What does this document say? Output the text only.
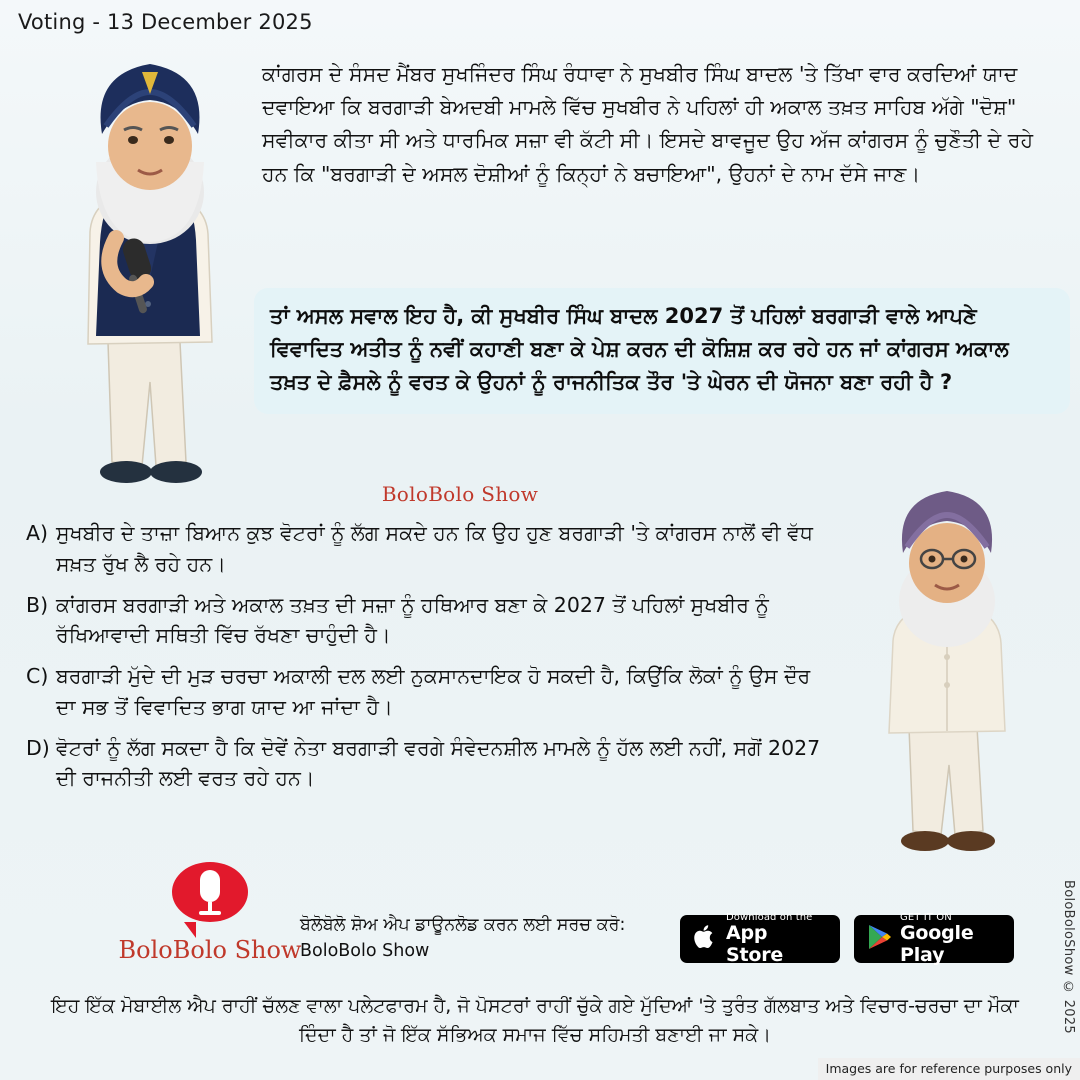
Voting - 13 December 2025
ਕਾਂਗਰਸ ਦੇ ਸੰਸਦ ਮੈਂਬਰ ਸੁਖਜਿੰਦਰ ਸਿੰਘ ਰੰਧਾਵਾ ਨੇ ਸੁਖਬੀਰ ਸਿੰਘ ਬਾਦਲ 'ਤੇ ਤਿੱਖਾ ਵਾਰ ਕਰਦਿਆਂ ਯਾਦ ਦਵਾਇਆ ਕਿ ਬਰਗਾੜੀ ਬੇਅਦਬੀ ਮਾਮਲੇ ਵਿੱਚ ਸੁਖਬੀਰ ਨੇ ਪਹਿਲਾਂ ਹੀ ਅਕਾਲ ਤਖ਼ਤ ਸਾਹਿਬ ਅੱਗੇ "ਦੋਸ਼" ਸਵੀਕਾਰ ਕੀਤਾ ਸੀ ਅਤੇ ਧਾਰਮਿਕ ਸਜ਼ਾ ਵੀ ਕੱਟੀ ਸੀ। ਇਸਦੇ ਬਾਵਜੂਦ ਉਹ ਅੱਜ ਕਾਂਗਰਸ ਨੂੰ ਚੁਣੌਤੀ ਦੇ ਰਹੇ ਹਨ ਕਿ "ਬਰਗਾੜੀ ਦੇ ਅਸਲ ਦੋਸ਼ੀਆਂ ਨੂੰ ਕਿਨ੍ਹਾਂ ਨੇ ਬਚਾਇਆ", ਉਹਨਾਂ ਦੇ ਨਾਮ ਦੱਸੇ ਜਾਣ।
ਤਾਂ ਅਸਲ ਸਵਾਲ ਇਹ ਹੈ, ਕੀ ਸੁਖਬੀਰ ਸਿੰਘ ਬਾਦਲ 2027 ਤੋਂ ਪਹਿਲਾਂ ਬਰਗਾੜੀ ਵਾਲੇ ਆਪਣੇ ਵਿਵਾਦਿਤ ਅਤੀਤ ਨੂੰ ਨਵੀਂ ਕਹਾਣੀ ਬਣਾ ਕੇ ਪੇਸ਼ ਕਰਨ ਦੀ ਕੋਸ਼ਿਸ਼ ਕਰ ਰਹੇ ਹਨ ਜਾਂ ਕਾਂਗਰਸ ਅਕਾਲ ਤਖ਼ਤ ਦੇ ਫ਼ੈਸਲੇ ਨੂੰ ਵਰਤ ਕੇ ਉਹਨਾਂ ਨੂੰ ਰਾਜਨੀਤਿਕ ਤੌਰ 'ਤੇ ਘੇਰਨ ਦੀ ਯੋਜਨਾ ਬਣਾ ਰਹੀ ਹੈ ?
BoloBolo Show
A) ਸੁਖਬੀਰ ਦੇ ਤਾਜ਼ਾ ਬਿਆਨ ਕੁਝ ਵੋਟਰਾਂ ਨੂੰ ਲੱਗ ਸਕਦੇ ਹਨ ਕਿ ਉਹ ਹੁਣ ਬਰਗਾੜੀ 'ਤੇ ਕਾਂਗਰਸ ਨਾਲੋਂ ਵੀ ਵੱਧ ਸਖ਼ਤ ਰੁੱਖ ਲੈ ਰਹੇ ਹਨ।
B) ਕਾਂਗਰਸ ਬਰਗਾੜੀ ਅਤੇ ਅਕਾਲ ਤਖ਼ਤ ਦੀ ਸਜ਼ਾ ਨੂੰ ਹਥਿਆਰ ਬਣਾ ਕੇ 2027 ਤੋਂ ਪਹਿਲਾਂ ਸੁਖਬੀਰ ਨੂੰ ਰੱਖਿਆਵਾਦੀ ਸਥਿਤੀ ਵਿੱਚ ਰੱਖਣਾ ਚਾਹੁੰਦੀ ਹੈ।
C) ਬਰਗਾੜੀ ਮੁੱਦੇ ਦੀ ਮੁੜ ਚਰਚਾ ਅਕਾਲੀ ਦਲ ਲਈ ਨੁਕਸਾਨਦਾਇਕ ਹੋ ਸਕਦੀ ਹੈ, ਕਿਉਂਕਿ ਲੋਕਾਂ ਨੂੰ ਉਸ ਦੌਰ ਦਾ ਸਭ ਤੋਂ ਵਿਵਾਦਿਤ ਭਾਗ ਯਾਦ ਆ ਜਾਂਦਾ ਹੈ।
D) ਵੋਟਰਾਂ ਨੂੰ ਲੱਗ ਸਕਦਾ ਹੈ ਕਿ ਦੋਵੇਂ ਨੇਤਾ ਬਰਗਾੜੀ ਵਰਗੇ ਸੰਵੇਦਨਸ਼ੀਲ ਮਾਮਲੇ ਨੂੰ ਹੱਲ ਲਈ ਨਹੀਂ, ਸਗੋਂ 2027 ਦੀ ਰਾਜਨੀਤੀ ਲਈ ਵਰਤ ਰਹੇ ਹਨ।
BoloBolo Show
ਬੋਲੋਬੋਲੋ ਸ਼ੋਅ ਐਪ ਡਾਊਨਲੋਡ ਕਰਨ ਲਈ ਸਰਚ ਕਰੋ:
BoloBolo Show
Download on the
App Store
GET IT ON
Google Play
ਇਹ ਇੱਕ ਮੋਬਾਈਲ ਐਪ ਰਾਹੀਂ ਚੱਲਣ ਵਾਲਾ ਪਲੇਟਫਾਰਮ ਹੈ, ਜੋ ਪੋਸਟਰਾਂ ਰਾਹੀਂ ਚੁੱਕੇ ਗਏ ਮੁੱਦਿਆਂ 'ਤੇ ਤੁਰੰਤ ਗੱਲਬਾਤ ਅਤੇ ਵਿਚਾਰ-ਚਰਚਾ ਦਾ ਮੌਕਾ ਦਿੰਦਾ ਹੈ ਤਾਂ ਜੋ ਇੱਕ ਸੱਭਿਅਕ ਸਮਾਜ ਵਿੱਚ ਸਹਿਮਤੀ ਬਣਾਈ ਜਾ ਸਕੇ।
BoloBoloShow © 2025
Images are for reference purposes only
